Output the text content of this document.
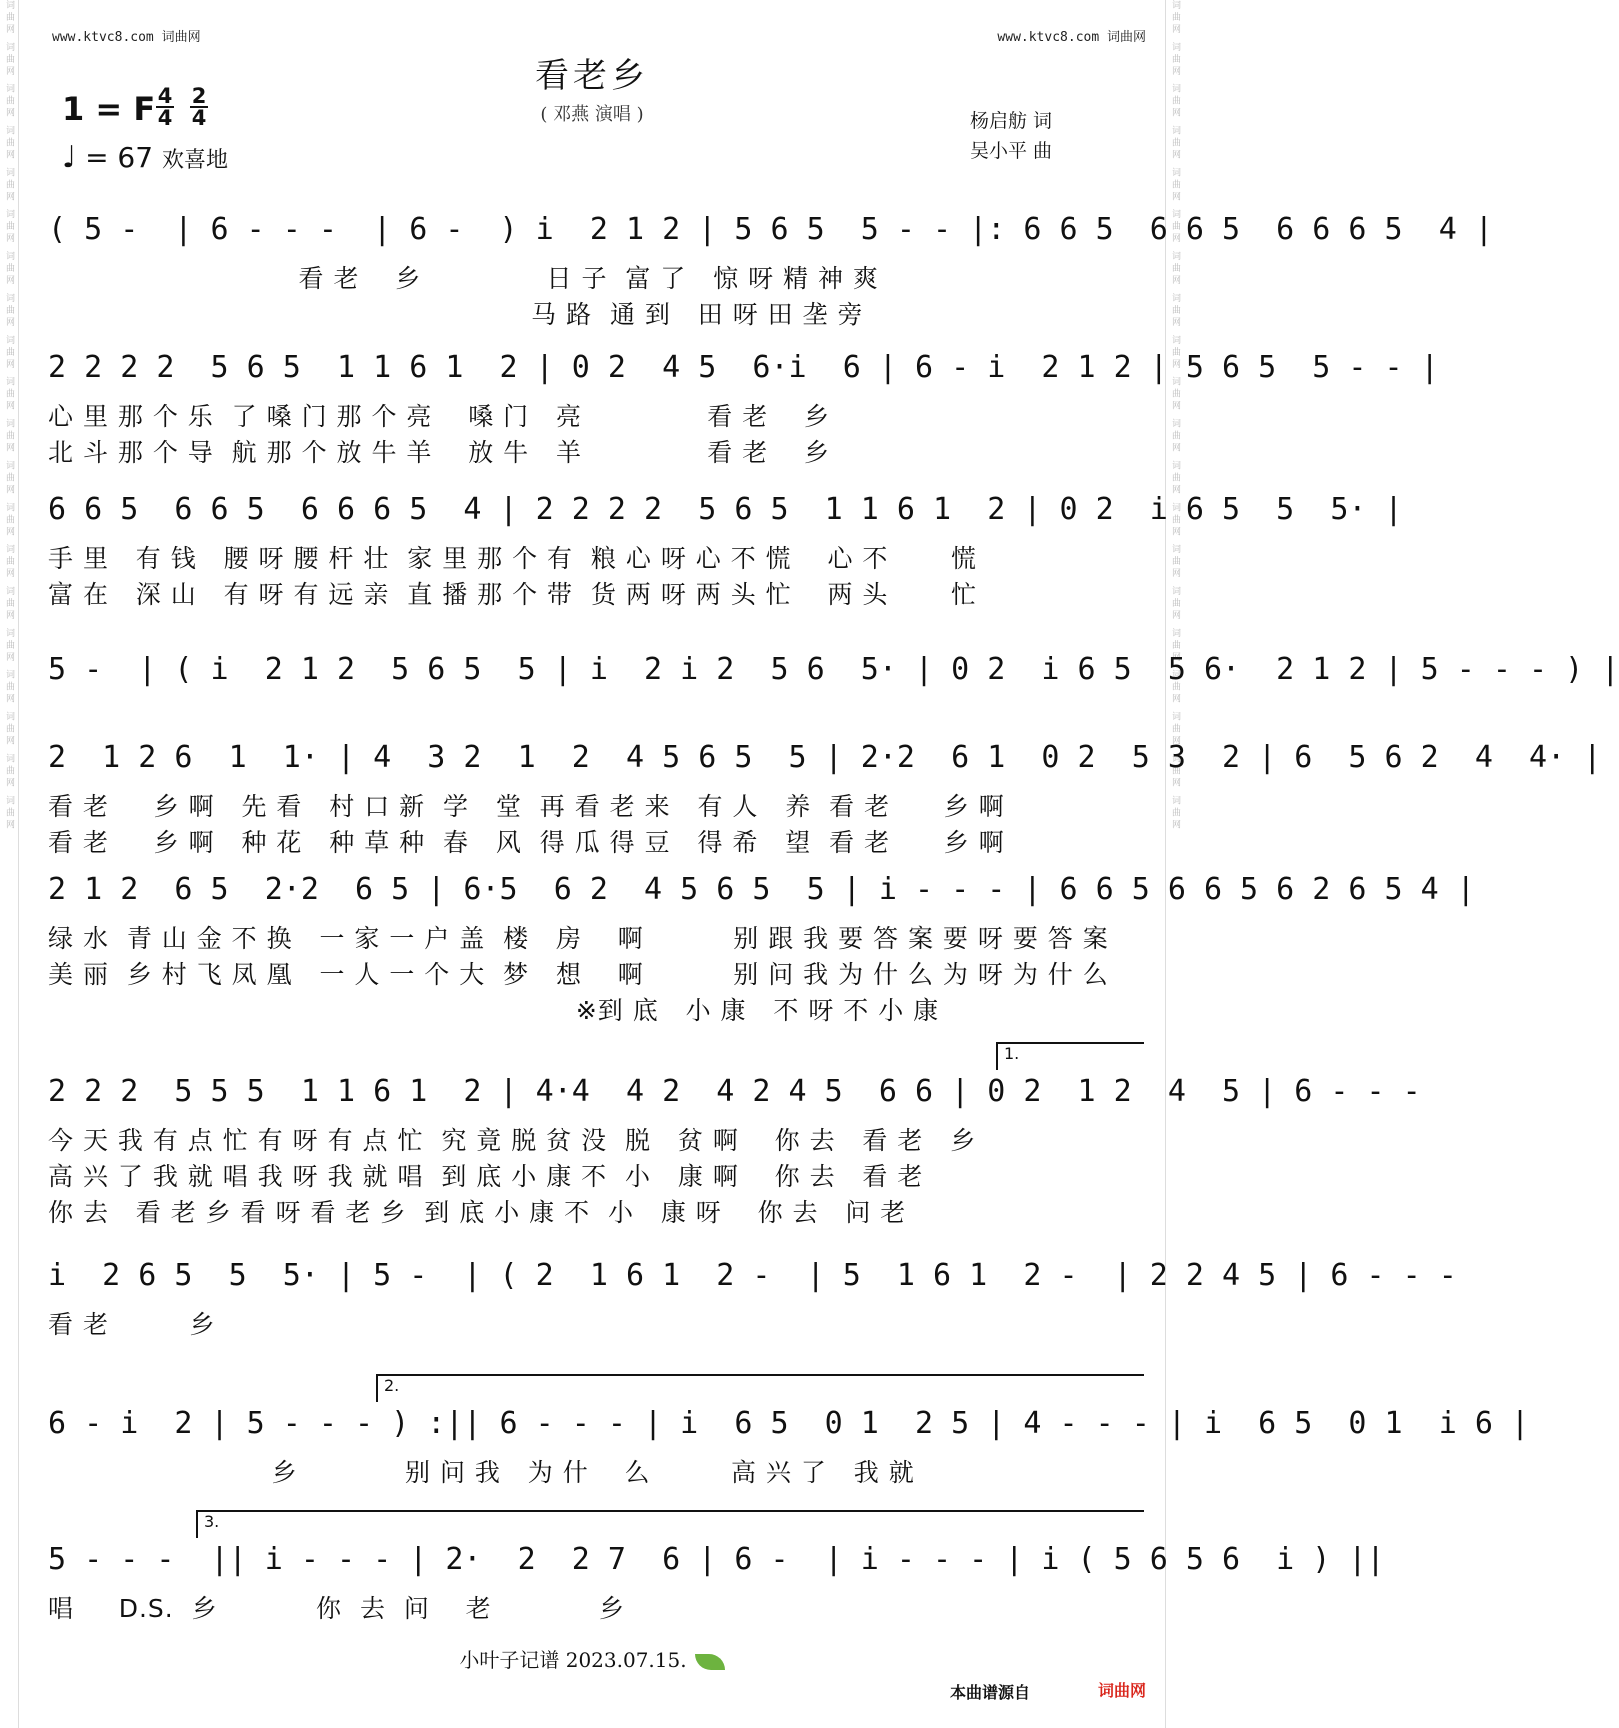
词曲网 词曲网 词曲网 词曲网 词曲网 词曲网 词曲网 词曲网 词曲网 词曲网 词曲网 词曲网 词曲网 词曲网 词曲网 词曲网 词曲网 词曲网 词曲网 词曲网	词曲网 词曲网 词曲网 词曲网 词曲网 词曲网 词曲网 词曲网 词曲网 词曲网 词曲网 词曲网 词曲网 词曲网 词曲网 词曲网 词曲网 词曲网 词曲网 词曲网
www.ktvc8.com 词曲网	www.ktvc8.com 词曲网
看老乡
( 邓燕 演唱 )
1 = F $\frac{4}{4} \frac{2}{4}$
♩ = 67 欢喜地
杨启舫 词
吴小平 曲
( 5 -  | 6 - - -  | 6 -  ) i  2 1 2 | 5 6 5  5 - - |: 6 6 5  6 6 5  6 6 6 5  4 |
看 老    乡              日 子  富 了   惊 呀 精 神 爽
马 路  通 到   田 呀 田 垄 旁
2 2 2 2  5 6 5  1 1 6 1  2 | 0 2  4 5  6·i  6 | 6 - i  2 1 2 | 5 6 5  5 - - |
心 里 那 个 乐  了 嗓 门 那 个 亮    嗓 门   亮              看 老    乡
北 斗 那 个 导  航 那 个 放 牛 羊    放 牛   羊              看 老    乡
6 6 5  6 6 5  6 6 6 5  4 | 2 2 2 2  5 6 5  1 1 6 1  2 | 0 2  i 6 5  5  5· |
手 里   有 钱   腰 呀 腰 杆 壮  家 里 那 个 有  粮 心 呀 心 不 慌    心 不       慌
富 在   深 山   有 呀 有 远 亲  直 播 那 个 带  货 两 呀 两 头 忙    两 头       忙
5 -  | ( i  2 1 2  5 6 5  5 | i  2 i 2  5 6  5· | 0 2  i 6 5  5 6·  2 1 2 | 5 - - - ) |
2  1 2 6  1  1· | 4  3 2  1  2  4 5 6 5  5 | 2·2  6 1  0 2  5 3  2 | 6  5 6 2  4  4· |
看 老     乡 啊   先 看   村 口 新  学   堂  再 看 老 来   有 人   养  看 老      乡 啊
看 老     乡 啊   种 花   种 草 种  春   风  得 瓜 得 豆   得 希   望  看 老      乡 啊
2 1 2  6 5  2·2  6 5 | 6·5  6 2  4 5 6 5  5 | i - - - | 6 6 5 6 6 5 6 2 6 5 4 |
绿 水  青 山 金 不 换   一 家 一 户 盖  楼   房    啊          别 跟 我 要 答 案 要 呀 要 答 案
美 丽  乡 村 飞 凤 凰   一 人 一 个 大  梦   想    啊          别 问 我 为 什 么 为 呀 为 什 么
※到 底   小 康   不 呀 不 小 康
2 2 2  5 5 5  1 1 6 1  2 | 4·4  4 2  4 2 4 5  6 6 | 0 2  1 2  4  5 | 6 - - -
1.
今 天 我 有 点 忙 有 呀 有 点 忙  究 竟 脱 贫 没  脱   贫 啊    你 去   看 老   乡
高 兴 了 我 就 唱 我 呀 我 就 唱  到 底 小 康 不  小   康 啊    你 去   看 老
你 去   看 老 乡 看 呀 看 老 乡  到 底 小 康 不  小   康 呀    你 去   问 老
i  2 6 5  5  5· | 5 -  | ( 2  1 6 1  2 -  | 5  1 6 1  2 -  | 2 2 4 5 | 6 - - -
看 老         乡
6 - i  2 | 5 - - - ) :|| 6 - - - | i  6 5  0 1  2 5 | 4 - - - | i  6 5  0 1  i 6 |
2.
乡            别 问 我   为 什    么         高 兴 了   我 就
5 - - -  || i - - - | 2·  2  2 7  6 | 6 -  | i - - - | i ( 5 6 5 6  i ) ||
3.
唱     D.S.  乡           你  去  问    老            乡
小叶子记谱 2023.07.15.
本曲谱源自	词曲网
